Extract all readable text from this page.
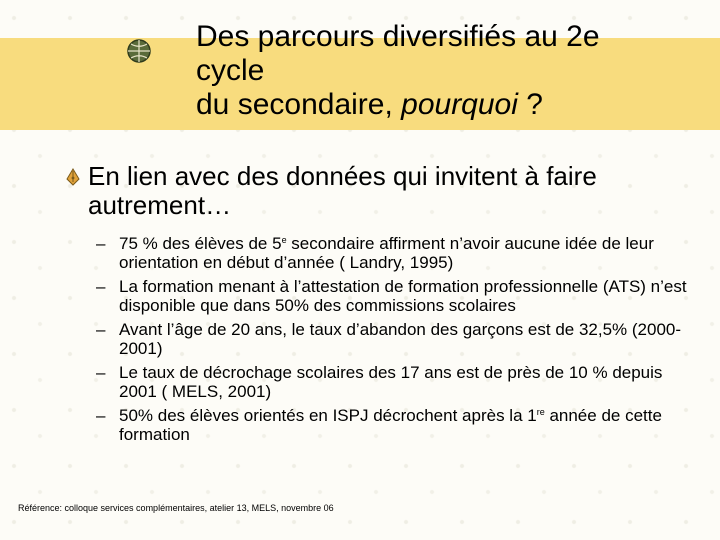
Des parcours diversifiés au 2e
cycle
du secondaire, pourquoi ?

En lien avec des données qui invitent à faire autrement…

– 75 % des élèves de 5e secondaire affirment n’avoir aucune idée de leur orientation en début d’année ( Landry, 1995)
– La formation menant à l’attestation de formation professionnelle (ATS) n’est disponible que dans 50% des commissions scolaires
– Avant l’âge de 20 ans, le taux d’abandon des garçons est de 32,5% (2000-2001)
– Le taux de décrochage scolaires des 17 ans est de près de 10 % depuis 2001 ( MELS, 2001)
– 50% des élèves orientés en ISPJ décrochent après la 1re année de cette formation
Référence: colloque services complémentaires, atelier 13, MELS, novembre 06
